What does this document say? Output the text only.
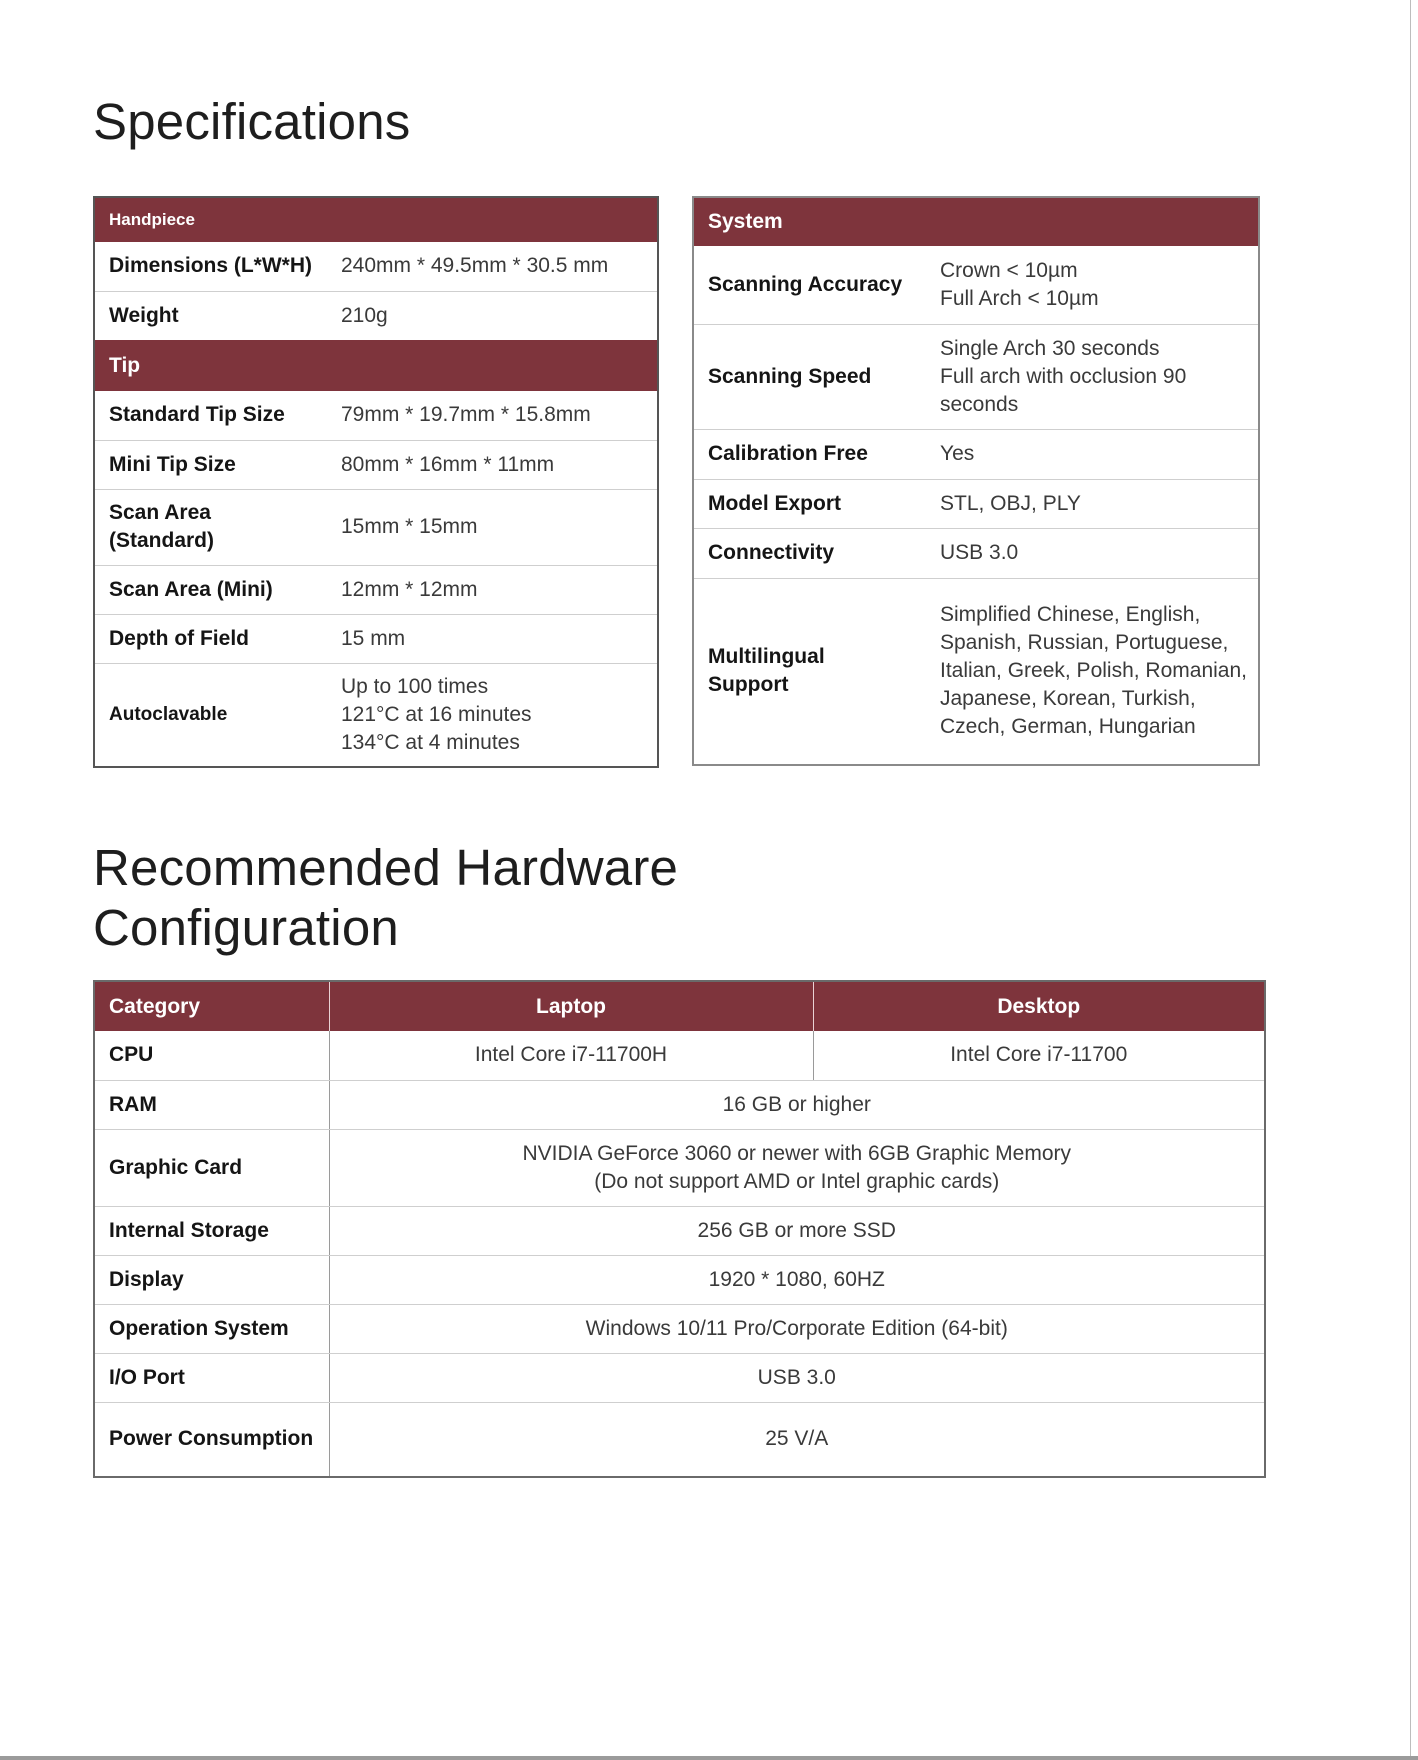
Specifications
Handpiece	
Dimensions (L*W*H)	240mm * 49.5mm * 30.5 mm
Weight	210g
Tip	
Standard Tip Size	79mm * 19.7mm * 15.8mm
Mini Tip Size	80mm * 16mm * 11mm
Scan Area (Standard)	15mm * 15mm
Scan Area (Mini)	12mm * 12mm
Depth of Field	15 mm
Autoclavable	Up to 100 times
121°C at 16 minutes
134°C at 4 minutes
System	
Scanning Accuracy	Crown < 10µm
Full Arch < 10µm
Scanning Speed	Single Arch 30 seconds
Full arch with occlusion 90 seconds
Calibration Free	Yes
Model Export	STL, OBJ, PLY
Connectivity	USB 3.0
Multilingual Support	Simplified Chinese, English, Spanish, Russian, Portuguese, Italian, Greek, Polish, Romanian, Japanese, Korean, Turkish, Czech, German, Hungarian
Recommended Hardware Configuration
Category	Laptop	Desktop
CPU	Intel Core i7-11700H	Intel Core i7-11700
RAM	16 GB or higher	
Graphic Card	NVIDIA GeForce 3060 or newer with 6GB Graphic Memory
(Do not support AMD or Intel graphic cards)	
Internal Storage	256 GB or more SSD	
Display	1920 * 1080, 60HZ	
Operation System	Windows 10/11 Pro/Corporate Edition (64-bit)	
I/O Port	USB 3.0	
Power Consumption	25 V/A	
